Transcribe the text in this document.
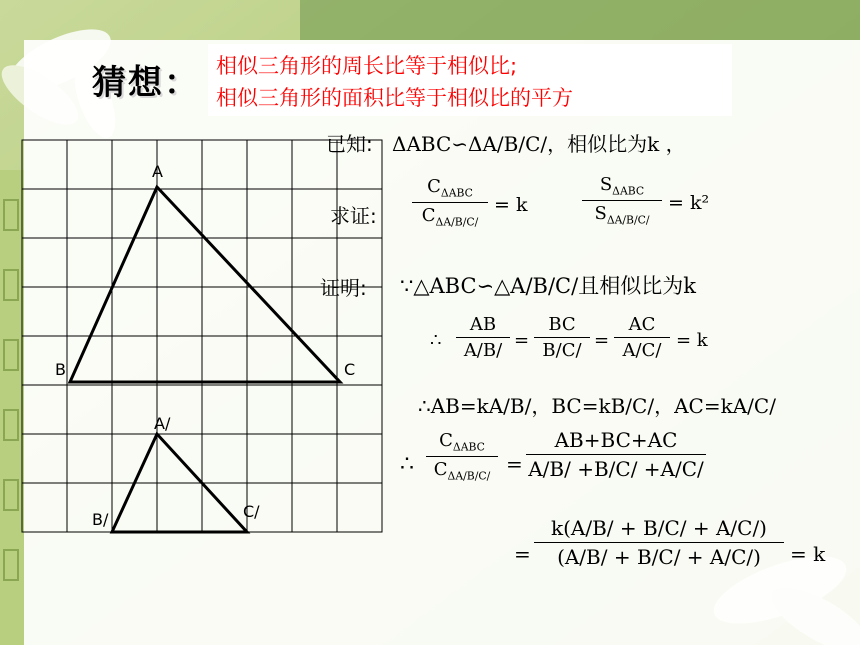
猜想： 相似三角形的周长比等于相似比;
相似三角形的面积比等于相似比的平方
A
B	C
A/
B/	C/
已知: ΔABC∽ΔA/B/C/，相似比为k ，
求证:
$C_{\Delta ABC}$
$C_{\Delta A/B/C/}$
= k
$S_{\Delta ABC}$
$S_{\Delta A/B/C/}$
= k²
证明: ∵△ABC∽△A/B/C/且相似比为k
∴
AB
A/B/ =
BC
B/C/ =
AC
A/C/ = k
∴AB=kA/B/，BC=kB/C/，AC=kA/C/
∴
$C_{\Delta ABC}$
$C_{\Delta A/B/C/}$ =
AB+BC+AC
A/B/ +B/C/ +A/C/
=
k(A/B/ + B/C/ + A/C/)
(A/B/ + B/C/ + A/C/)	= k
